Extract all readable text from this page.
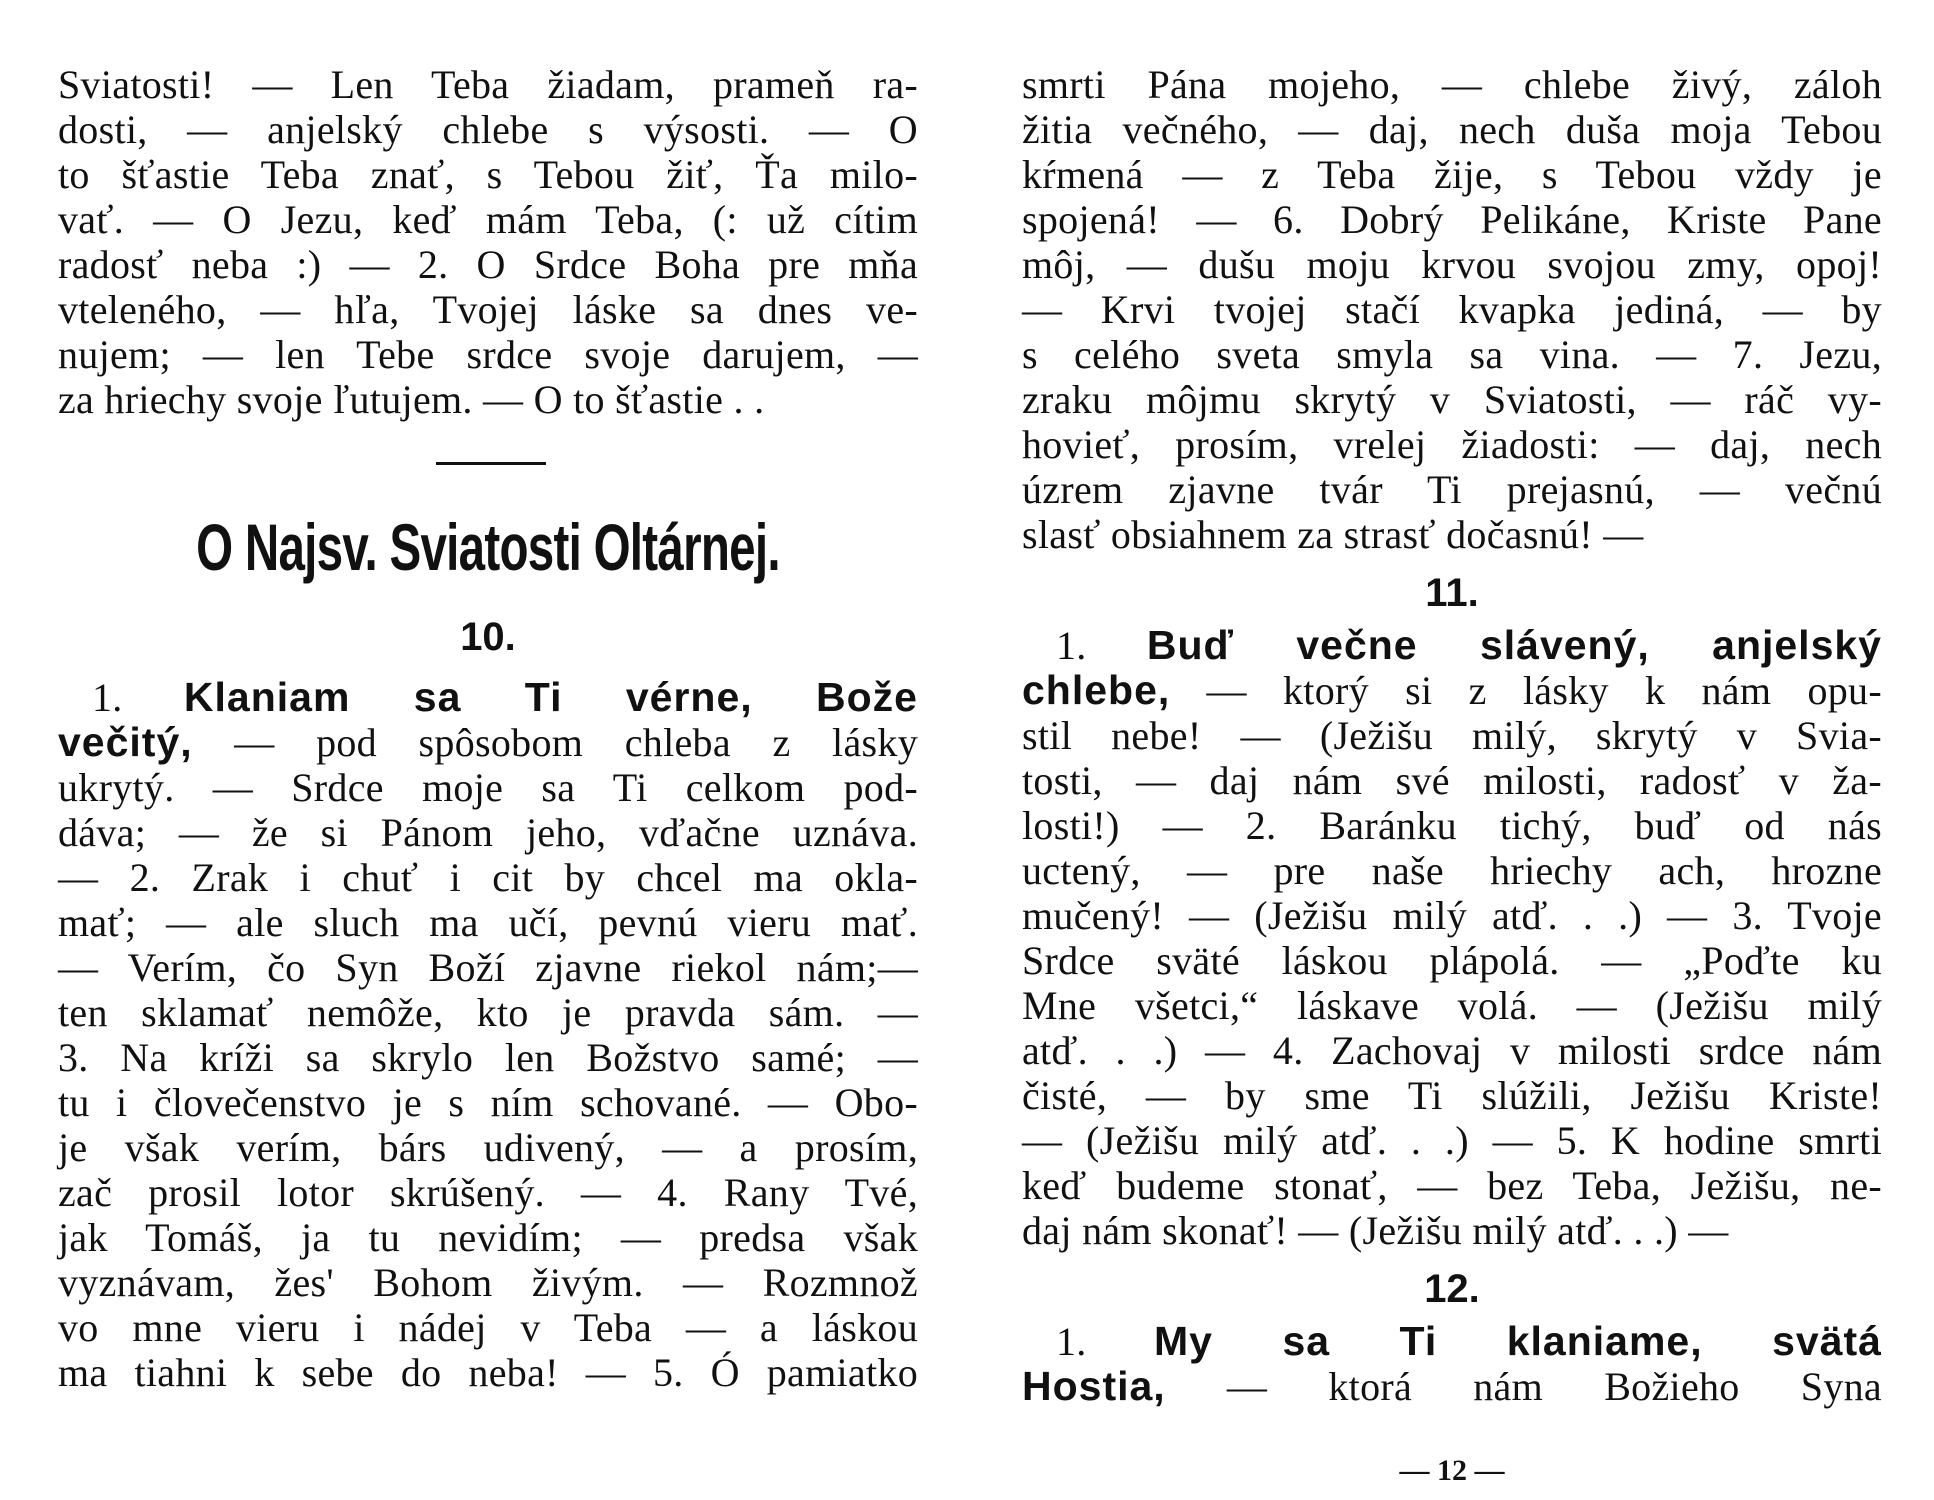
Sviatosti! — Len Teba žiadam, prameň ra-
dosti, — anjelský chlebe s výsosti. — O
to šťastie Teba znať, s Tebou žiť, Ťa milo-
vať. — O Jezu, keď mám Teba, (: už cítim
radosť neba :) — 2. O Srdce Boha pre mňa
vteleného, — hľa, Tvojej láske sa dnes ve-
nujem; — len Tebe srdce svoje darujem, —
za hriechy svoje ľutujem. — O to šťastie . .
O Najsv. Sviatosti Oltárnej.
10.
1. Klaniam sa Ti vérne, Bože
večitý, — pod spôsobom chleba z lásky
ukrytý. — Srdce moje sa Ti celkom pod-
dáva; — že si Pánom jeho, vďačne uznáva.
— 2. Zrak i chuť i cit by chcel ma okla-
mať; — ale sluch ma učí, pevnú vieru mať.
— Verím, čo Syn Boží zjavne riekol nám;—
ten sklamať nemôže, kto je pravda sám. —
3. Na kríži sa skrylo len Božstvo samé; —
tu i človečenstvo je s ním schované. — Obo-
je však verím, bárs udivený, — a prosím,
zač prosil lotor skrúšený. — 4. Rany Tvé,
jak Tomáš, ja tu nevidím; — predsa však
vyznávam, žes' Bohom živým. — Rozmnož
vo mne vieru i nádej v Teba — a láskou
ma tiahni k sebe do neba! — 5. Ó pamiatko
smrti Pána mojeho, — chlebe živý, záloh
žitia večného, — daj, nech duša moja Tebou
kŕmená — z Teba žije, s Tebou vždy je
spojená! — 6. Dobrý Pelikáne, Kriste Pane
môj, — dušu moju krvou svojou zmy, opoj!
— Krvi tvojej stačí kvapka jediná, — by
s celého sveta smyla sa vina. — 7. Jezu,
zraku môjmu skrytý v Sviatosti, — ráč vy-
hovieť, prosím, vrelej žiadosti: — daj, nech
úzrem zjavne tvár Ti prejasnú, — večnú
slasť obsiahnem za strasť dočasnú! —
11.
1. Buď večne slávený, anjelský
chlebe, — ktorý si z lásky k nám opu-
stil nebe! — (Ježišu milý, skrytý v Svia-
tosti, — daj nám své milosti, radosť v ža-
losti!) — 2. Baránku tichý, buď od nás
uctený, — pre naše hriechy ach, hrozne
mučený! — (Ježišu milý atď. . .) — 3. Tvoje
Srdce sväté láskou plápolá. — „Poďte ku
Mne všetci,“ láskave volá. — (Ježišu milý
atď. . .) — 4. Zachovaj v milosti srdce nám
čisté, — by sme Ti slúžili, Ježišu Kriste!
— (Ježišu milý atď. . .) — 5. K hodine smrti
keď budeme stonať, — bez Teba, Ježišu, ne-
daj nám skonať! — (Ježišu milý atď. . .) —
12.
1. My sa Ti klaniame, svätá
Hostia, — ktorá nám Božieho Syna
— 12 —
